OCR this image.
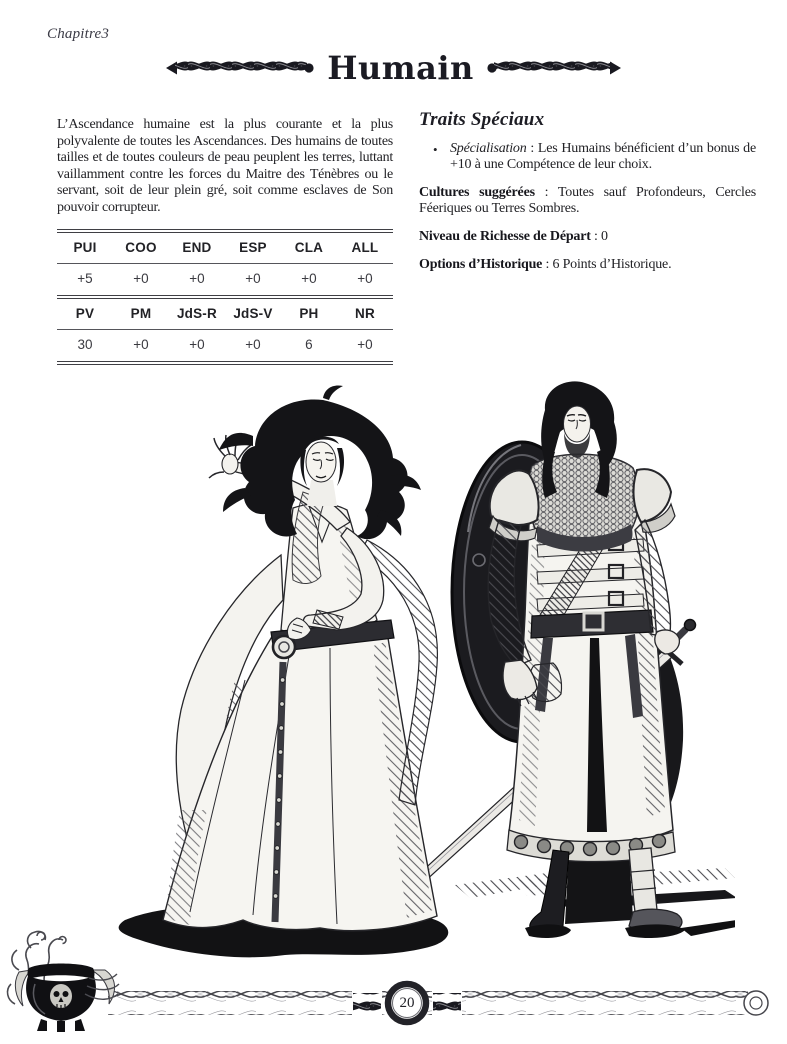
Chapitre3
Humain
L’Ascendance humaine est la plus courante et la plus polyvalente de toutes les Ascendances. Des humains de toutes tailles et de toutes couleurs de peau peuplent les terres, luttant vaillamment contre les forces du Maitre des Ténèbres ou le servant, soit de leur plein gré, soit comme esclaves de Son pouvoir corrupteur.
PUI	COO	END	ESP	CLA	ALL
+5	+0	+0	+0	+0	+0
PV	PM	JdS-R	JdS-V	PH	NR
30	+0	+0	+0	6	+0
Traits Spéciaux
• Spécialisation : Les Humains bénéficient d’un bonus de +10 à une Compétence de leur choix.
Cultures suggérées : Toutes sauf Profondeurs, Cercles Féeriques ou Terres Sombres.
Niveau de Richesse de Départ : 0
Options d’Historique : 6 Points d’Historique.
20
